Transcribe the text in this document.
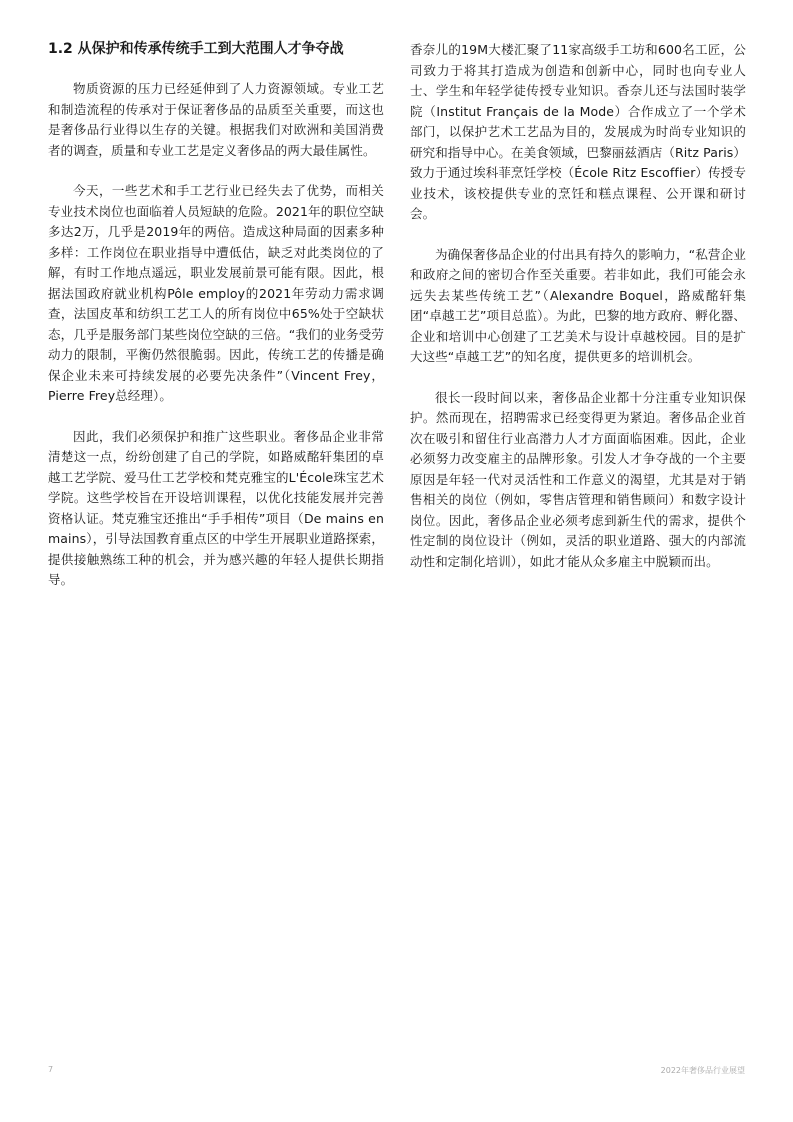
1.2 从保护和传承传统手工到大范围人才争夺战

物质资源的压力已经延伸到了人力资源领域。专业工艺和制造流程的传承对于保证奢侈品的品质至关重要，而这也是奢侈品行业得以生存的关键。根据我们对欧洲和美国消费者的调查，质量和专业工艺是定义奢侈品的两大最佳属性。

今天，一些艺术和手工艺行业已经失去了优势，而相关专业技术岗位也面临着人员短缺的危险。2021年的职位空缺多达2万，几乎是2019年的两倍。造成这种局面的因素多种多样：工作岗位在职业指导中遭低估，缺乏对此类岗位的了解，有时工作地点遥远，职业发展前景可能有限。因此，根据法国政府就业机构Pôle employ的2021年劳动力需求调查，法国皮革和纺织工艺工人的所有岗位中65%处于空缺状态，几乎是服务部门某些岗位空缺的三倍。“我们的业务受劳动力的限制，平衡仍然很脆弱。因此，传统工艺的传播是确保企业未来可持续发展的必要先决条件”（Vincent Frey，Pierre Frey总经理）。

因此，我们必须保护和推广这些职业。奢侈品企业非常清楚这一点，纷纷创建了自己的学院，如路威酩轩集团的卓越工艺学院、爱马仕工艺学校和梵克雅宝的L'École珠宝艺术学院。这些学校旨在开设培训课程，以优化技能发展并完善资格认证。梵克雅宝还推出“手手相传”项目（De mains en mains），引导法国教育重点区的中学生开展职业道路探索，提供接触熟练工种的机会，并为感兴趣的年轻人提供长期指导。

香奈儿的19M大楼汇聚了11家高级手工坊和600名工匠，公司致力于将其打造成为创造和创新中心，同时也向专业人士、学生和年轻学徒传授专业知识。香奈儿还与法国时装学院（Institut Français de la Mode）合作成立了一个学术部门，以保护艺术工艺品为目的，发展成为时尚专业知识的研究和指导中心。在美食领域，巴黎丽兹酒店（Ritz Paris）致力于通过埃科菲烹饪学校（École Ritz Escoffier）传授专业技术，该校提供专业的烹饪和糕点课程、公开课和研讨会。

为确保奢侈品企业的付出具有持久的影响力，“私营企业和政府之间的密切合作至关重要。若非如此，我们可能会永远失去某些传统工艺”（Alexandre Boquel，路威酩轩集团“卓越工艺”项目总监）。为此，巴黎的地方政府、孵化器、企业和培训中心创建了工艺美术与设计卓越校园。目的是扩大这些“卓越工艺”的知名度，提供更多的培训机会。

很长一段时间以来，奢侈品企业都十分注重专业知识保护。然而现在，招聘需求已经变得更为紧迫。奢侈品企业首次在吸引和留住行业高潜力人才方面面临困难。因此，企业必须努力改变雇主的品牌形象。引发人才争夺战的一个主要原因是年轻一代对灵活性和工作意义的渴望，尤其是对于销售相关的岗位（例如，零售店管理和销售顾问）和数字设计岗位。因此，奢侈品企业必须考虑到新生代的需求，提供个性定制的岗位设计（例如，灵活的职业道路、强大的内部流动性和定制化培训），如此才能从众多雇主中脱颖而出。

7	2022年奢侈品行业展望
